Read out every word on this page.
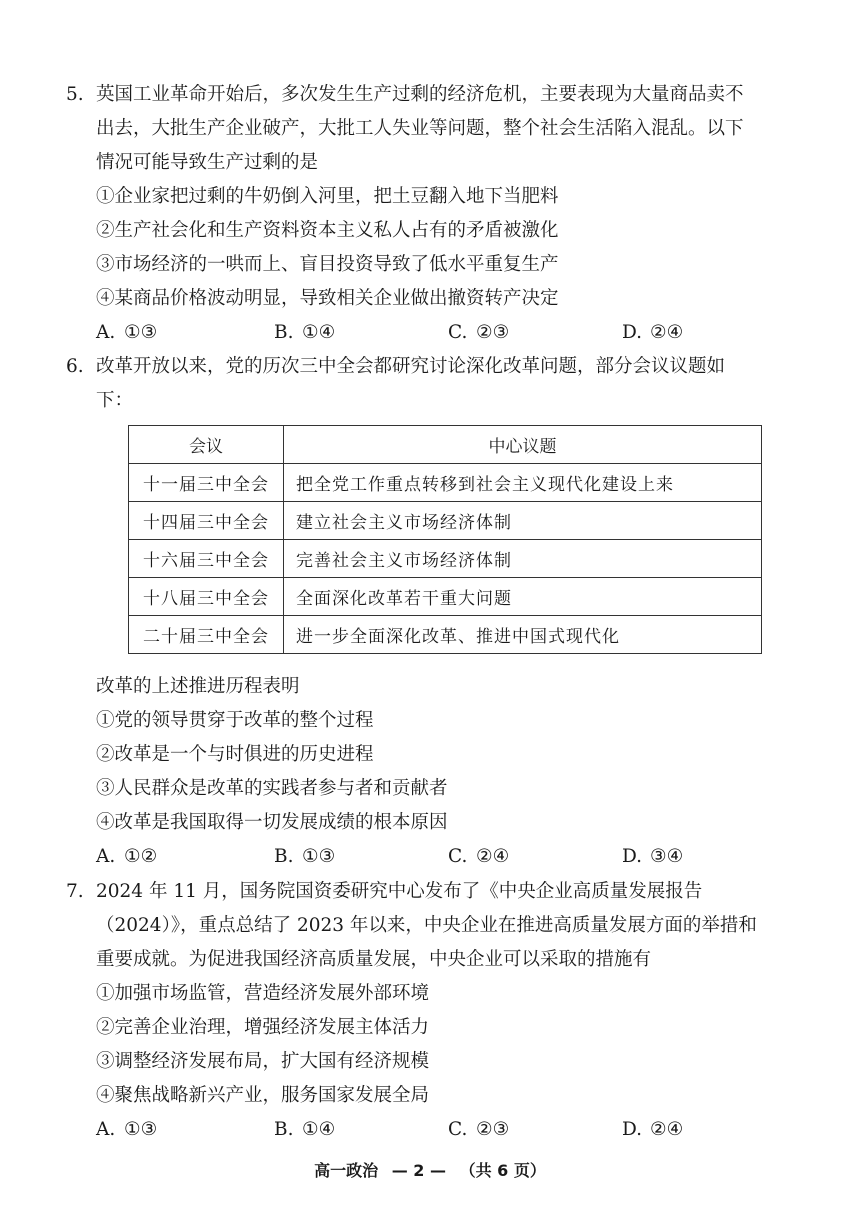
5. 英国工业革命开始后，多次发生生产过剩的经济危机，主要表现为大量商品卖不
出去，大批生产企业破产，大批工人失业等问题，整个社会生活陷入混乱。以下
情况可能导致生产过剩的是
①企业家把过剩的牛奶倒入河里，把土豆翻入地下当肥料
②生产社会化和生产资料资本主义私人占有的矛盾被激化
③市场经济的一哄而上、盲目投资导致了低水平重复生产
④某商品价格波动明显，导致相关企业做出撤资转产决定
A. ①③	B. ①④	C. ②③	D. ②④
6. 改革开放以来，党的历次三中全会都研究讨论深化改革问题，部分会议议题如
下：
会议	中心议题
十一届三中全会	把全党工作重点转移到社会主义现代化建设上来
十四届三中全会	建立社会主义市场经济体制
十六届三中全会	完善社会主义市场经济体制
十八届三中全会	全面深化改革若干重大问题
二十届三中全会	进一步全面深化改革、推进中国式现代化
改革的上述推进历程表明
①党的领导贯穿于改革的整个过程
②改革是一个与时俱进的历史进程
③人民群众是改革的实践者参与者和贡献者
④改革是我国取得一切发展成绩的根本原因
A. ①②	B. ①③	C. ②④	D. ③④
7. 2024 年 11 月，国务院国资委研究中心发布了《中央企业高质量发展报告
（2024）》，重点总结了 2023 年以来，中央企业在推进高质量发展方面的举措和
重要成就。为促进我国经济高质量发展，中央企业可以采取的措施有
①加强市场监管，营造经济发展外部环境
②完善企业治理，增强经济发展主体活力
③调整经济发展布局，扩大国有经济规模
④聚焦战略新兴产业，服务国家发展全局
A. ①③	B. ①④	C. ②③	D. ②④
高一政治 — 2 — （共 6 页）
